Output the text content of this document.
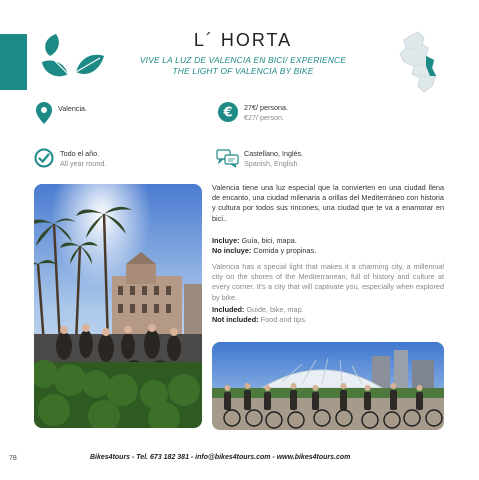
L´ HORTA
VIVE LA LUZ DE VALENCIA EN BICI/ EXPERIENCE
THE LIGHT OF VALENCIA BY BIKE
Valencia.	€ 27€/ persona.
€27/ person.
Todo el año.
All year round.
Castellano, Inglés.
Spanish, English.
Valencia tiene una luz especial que la convierten en una ciudad llena de encanto, una ciudad milenaria a orillas del Mediterráneo con historia y cultura por todos sus rincones, una ciudad que te va a enamorar en bici..
Incluye: Guía, bici, mapa.
No incluye: Comida y propinas.
Valencia has a special light that makes it a charming city, a millennial city on the shores of the Mediterranean, full of history and culture at every corner. It's a city that will captivate you, especially when explored by bike.
Included: Guide, bike, map.
Not included: Food and tips.
78	Bikes4tours - Tel. 673 182 381 - info@bikes4tours.com - www.bikes4tours.com
